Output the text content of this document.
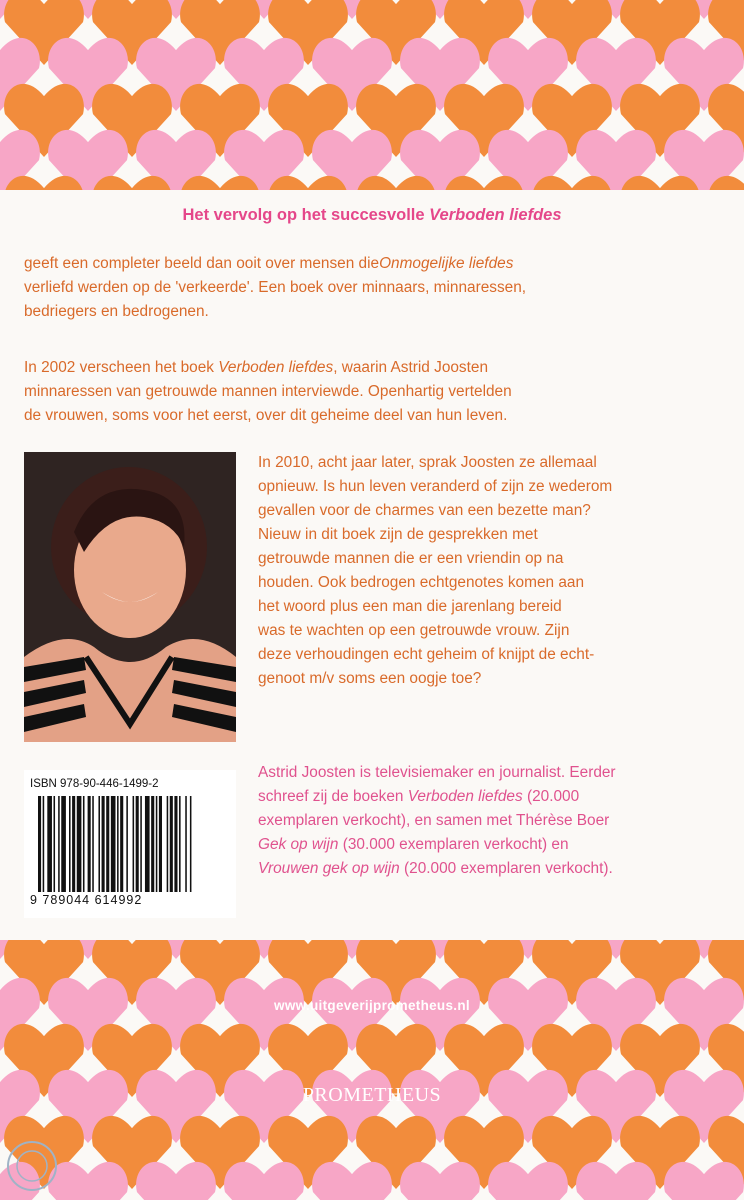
Het vervolg op het succesvolle Verboden liefdes
geeft een completer beeld dan ooit over mensen dieOnmogelijke liefdes
verliefd werden op de 'verkeerde'. Een boek over minnaars, minnaressen,
bedriegers en bedrogenen.
In 2002 verscheen het boek Verboden liefdes, waarin Astrid Joosten
minnaressen van getrouwde mannen interviewde. Openhartig vertelden
de vrouwen, soms voor het eerst, over dit geheime deel van hun leven.
In 2010, acht jaar later, sprak Joosten ze allemaal
opnieuw. Is hun leven veranderd of zijn ze wederom
gevallen voor de charmes van een bezette man?
Nieuw in dit boek zijn de gesprekken met
getrouwde mannen die er een vriendin op na
houden. Ook bedrogen echtgenotes komen aan
het woord plus een man die jarenlang bereid
was te wachten op een getrouwde vrouw. Zijn
deze verhoudingen echt geheim of knijpt de echt-
genoot m/v soms een oogje toe?
Astrid Joosten is televisiemaker en journalist. Eerder
schreef zij de boeken Verboden liefdes (20.000
exemplaren verkocht), en samen met Thérèse Boer
Gek op wijn (30.000 exemplaren verkocht) en
Vrouwen gek op wijn (20.000 exemplaren verkocht).
ISBN 978-90-446-1499-2
9 789044 614992
www.uitgeverijprometheus.nl
PROMETHEUS
